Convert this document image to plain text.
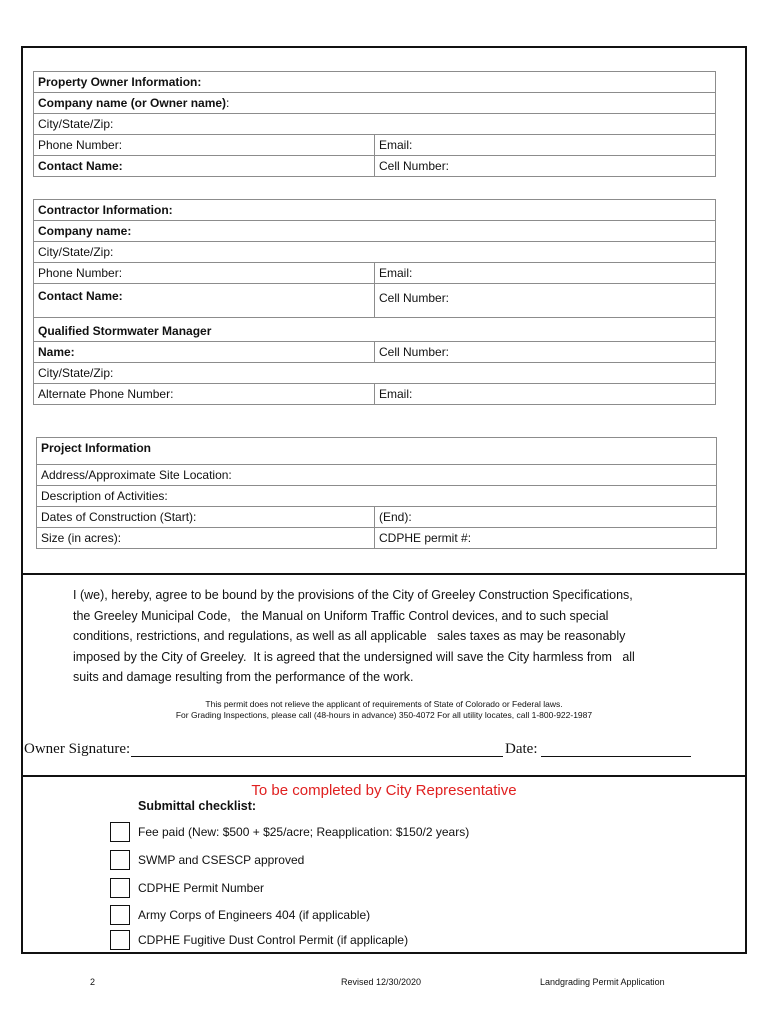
Property Owner Information:	
Company name (or Owner name):	
City/State/Zip:	
Phone Number:	Email:
Contact Name:	Cell Number:

Contractor Information:	
Company name:	
City/State/Zip:	
Phone Number:	Email:
Contact Name:	Cell Number:
Qualified Stormwater Manager	
Name:	Cell Number:
City/State/Zip:	
Alternate Phone Number:	Email:
Project Information	
Address/Approximate Site Location:	
Description of Activities:	
Dates of Construction (Start):	(End):
Size (in acres):	CDPHE permit #:
I (we), hereby, agree to be bound by the provisions of the City of Greeley Construction Specifications,
the Greeley Municipal Code,   the Manual on Uniform Traffic Control devices, and to such special
conditions, restrictions, and regulations, as well as all applicable   sales taxes as may be reasonably
imposed by the City of Greeley.  It is agreed that the undersigned will save the City harmless from   all
suits and damage resulting from the performance of the work.
This permit does not relieve the applicant of requirements of State of Colorado or Federal laws.
For Grading Inspections, please call (48-hours in advance) 350-4072 For all utility locates, call 1-800-922-1987
Owner Signature:	Date:
To be completed by City Representative
Submittal checklist:
Fee paid (New: $500 + $25/acre; Reapplication: $150/2 years)
SWMP and CSESCP approved
CDPHE Permit Number
Army Corps of Engineers 404 (if applicable)
CDPHE Fugitive Dust Control Permit (if applicaple)
2	Revised 12/30/2020	Landgrading Permit Application
